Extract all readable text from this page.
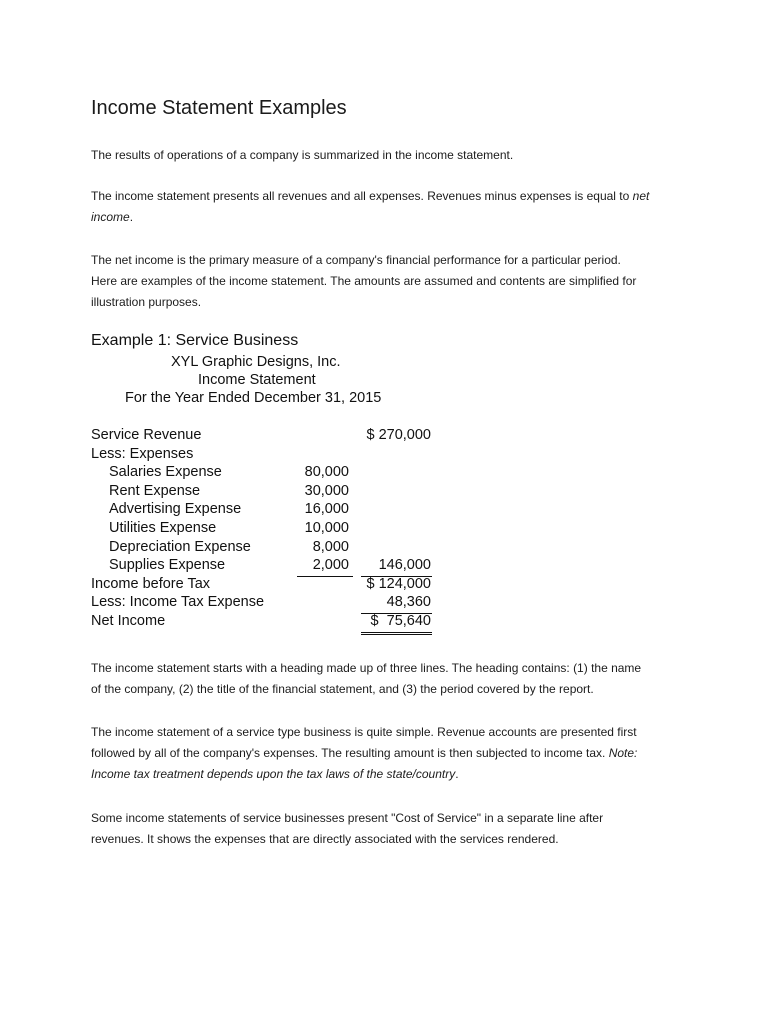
Income Statement Examples
The results of operations of a company is summarized in the income statement.
The income statement presents all revenues and all expenses. Revenues minus expenses is equal to net
income.
The net income is the primary measure of a company's financial performance for a particular period.
Here are examples of the income statement. The amounts are assumed and contents are simplified for
illustration purposes.
Example 1: Service Business
XYL Graphic Designs, Inc.
Income Statement
For the Year Ended December 31, 2015
Service Revenue	$ 270,000
Less: Expenses
Salaries Expense	80,000
Rent Expense	30,000
Advertising Expense	16,000
Utilities Expense	10,000
Depreciation Expense	8,000
Supplies Expense	2,000 146,000
Income before Tax	$ 124,000
Less: Income Tax Expense	48,360
Net Income	$  75,640
The income statement starts with a heading made up of three lines. The heading contains: (1) the name
of the company, (2) the title of the financial statement, and (3) the period covered by the report.
The income statement of a service type business is quite simple. Revenue accounts are presented first
followed by all of the company's expenses. The resulting amount is then subjected to income tax. Note:
Income tax treatment depends upon the tax laws of the state/country.
Some income statements of service businesses present "Cost of Service" in a separate line after
revenues. It shows the expenses that are directly associated with the services rendered.
